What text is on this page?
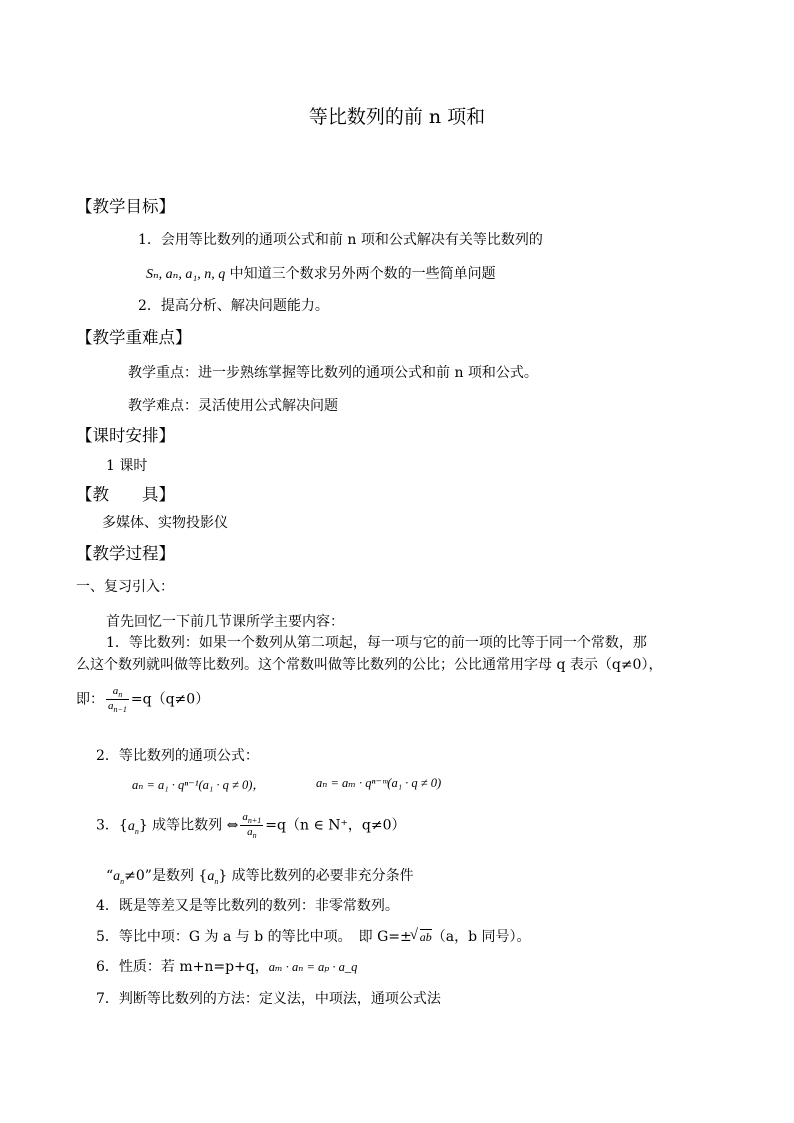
等比数列的前 n 项和
【教学目标】
1．会用等比数列的通项公式和前 n 项和公式解决有关等比数列的
Sₙ, aₙ, a₁, n, q 中知道三个数求另外两个数的一些简单问题
2．提高分析、解决问题能力。
【教学重难点】
教学重点：进一步熟练掌握等比数列的通项公式和前 n 项和公式。
教学难点：灵活使用公式解决问题
【课时安排】
1 课时
【教　　具】
多媒体、实物投影仪
【教学过程】
一、复习引入：
首先回忆一下前几节课所学主要内容：
1．等比数列：如果一个数列从第二项起，每一项与它的前一项的比等于同一个常数，那
么这个数列就叫做等比数列。这个常数叫做等比数列的公比；公比通常用字母 q 表示（q≠0），
即： $\frac{a_n}{a_{n-1}} =q(q\ne 0)$
2．等比数列的通项公式：
aₙ = a₁ · qⁿ⁻¹(a₁ · q ≠ 0)，	aₙ = aₘ · qⁿ⁻ᵐ(a₁ · q ≠ 0)
3．$\{a_n\}$ 成等比数列 ⇔ $\frac{a_{n+1}}{a_n} =q(n$ ∈ N⁺，q≠0）
“$a_n\ne 0$”是数列 $\{a_n\}$ 成等比数列的必要非充分条件
4．既是等差又是等比数列的数列：非零常数列。
5．等比中项：G 为 a 与 b 的等比中项。　即 G=±√ ab（a，b 同号）。
6．性质：若 m+n=p+q，aₘ · aₙ = aₚ · a_q
7．判断等比数列的方法：定义法，中项法，通项公式法
